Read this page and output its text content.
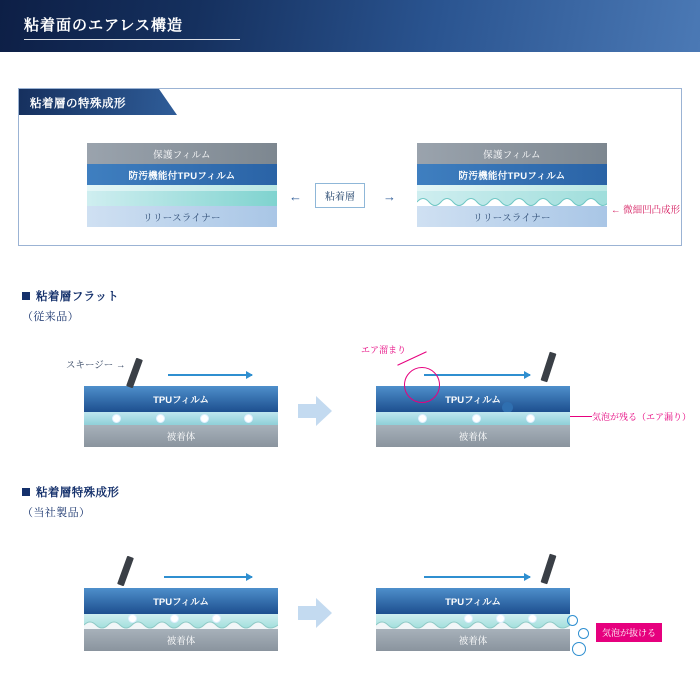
粘着面のエアレス構造
粘着層の特殊成形
保護フィルム
防汚機能付TPUフィルム
リリースライナー
←	粘着層	→
保護フィルム
防汚機能付TPUフィルム
リリースライナー
← 微細凹凸成形
粘着層フラット
（従来品）
スキージー →
TPUフィルム
被着体
TPUフィルム
被着体
エア溜まり
気泡が残る（エア漏り）
粘着層特殊成形
（当社製品）
TPUフィルム
被着体
TPUフィルム
被着体
気泡が抜ける
